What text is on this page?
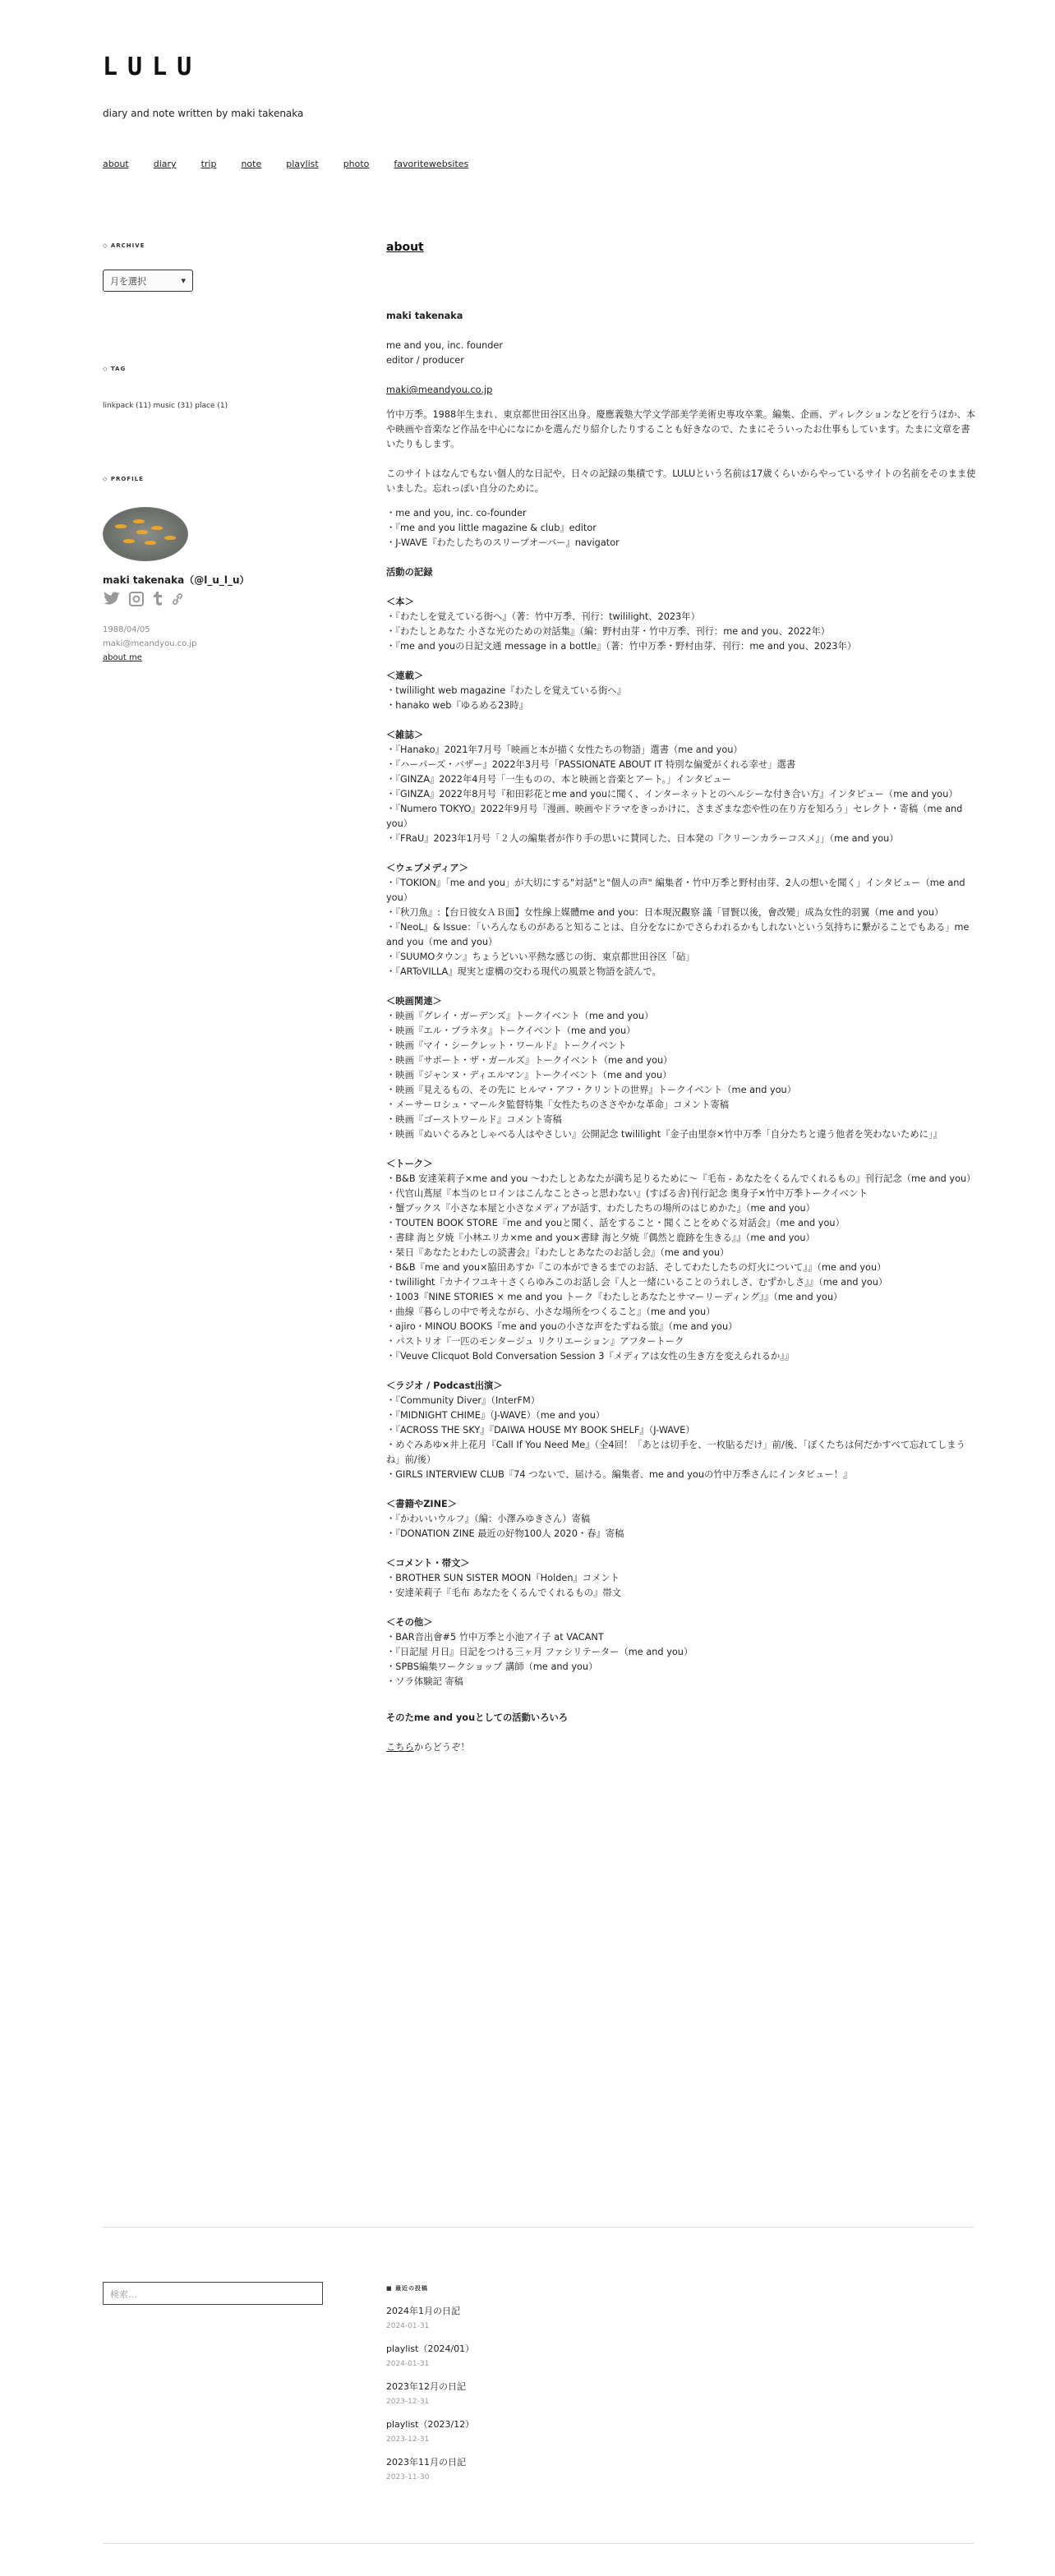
LULU
diary and note written by maki takenaka
about	diary	trip	note	playlist	photo	favoritewebsites
◇ ARCHIVE
月を選択	▾
◇ TAG
linkpack (11) music (31) place (1)
◇ PROFILE
maki takenaka（@l_u_l_u）
1988/04/05
maki@meandyou.co.jp
about me
about
maki takenaka
me and you, inc. founder
editor / producer
maki@meandyou.co.jp

竹中万季。1988年生まれ、東京都世田谷区出身。慶應義塾大学文学部美学美術史専攻卒業。編集、企画、ディレクションなどを行うほか、本や映画や音楽など作品を中心になにかを選んだり紹介したりすることも好きなので、たまにそういったお仕事もしています。たまに文章を書いたりもします。

このサイトはなんでもない個人的な日記や、日々の記録の集積です。LULUという名前は17歳くらいからやっているサイトの名前をそのまま使いました。忘れっぽい自分のために。

・me and you, inc. co-founder
・『me and you little magazine & club』editor
・J-WAVE『わたしたちのスリープオーバー』navigator
活動の記録
＜本＞
・『わたしを覚えている街へ』（著：竹中万季、刊行：twililight、2023年）
・『わたしとあなた 小さな光のための対話集』（編：野村由芽・竹中万季、刊行：me and you、2022年）
・『me and youの日記文通 message in a bottle』（著：竹中万季・野村由芽、刊行：me and you、2023年）
＜連載＞
・twililight web magazine『わたしを覚えている街へ』
・hanako web『ゆるめる23時』
＜雑誌＞
・『Hanako』2021年7月号「映画と本が描く女性たちの物語」選書（me and you）
・『ハーパーズ・バザー』2022年3月号「PASSIONATE ABOUT IT 特別な偏愛がくれる幸せ」選書
・『GINZA』2022年4月号「一生ものの、本と映画と音楽とアート。」インタビュー
・『GINZA』2022年8月号『和田彩花とme and youに聞く、インターネットとのヘルシーな付き合い方』インタビュー（me and you）
・『Numero TOKYO』2022年9月号「漫画、映画やドラマをきっかけに、さまざまな恋や性の在り方を知ろう」セレクト・寄稿（me and you）
・『FRaU』2023年1月号「２人の編集者が作り手の思いに賛同した、日本発の『クリーンカラーコスメ』」（me and you）
＜ウェブメディア＞
・『TOKION』「me and you」が大切にする"対話"と"個人の声" 編集者・竹中万季と野村由芽、2人の想いを聞く」インタビュー（me and you）
・『秋刀魚』:【台日彼女ＡＢ面】女性線上媒體me and you：日本現況觀察 議「冒賢以後，會改變」成為女性的羽翼（me and you）
・『NeoL』& Issue：「いろんなものがあると知ることは、自分をなにかでさらわれるかもしれないという気持ちに繋がることでもある」me and you（me and you）
・『SUUMOタウン』ちょうどいい平熱な感じの街、東京都世田谷区「砧」
・『ARToVILLA』現実と虚構の交わる現代の風景と物語を読んで。
＜映画関連＞
・映画『グレイ・ガーデンズ』トークイベント（me and you）
・映画『エル・プラネタ』トークイベント（me and you）
・映画『マイ・シークレット・ワールド』トークイベント
・映画『サポート・ザ・ガールズ』トークイベント（me and you）
・映画『ジャンヌ・ディエルマン』トークイベント（me and you）
・映画『見えるもの、その先に ヒルマ・アフ・クリントの世界』トークイベント（me and you）
・メーサーロシュ・マールタ監督特集「女性たちのささやかな革命」コメント寄稿
・映画『ゴーストワールド』コメント寄稿
・映画『ぬいぐるみとしゃべる人はやさしい』公開記念 twililight『金子由里奈×竹中万季「自分たちと違う他者を笑わないために」』
＜トーク＞
・B&B 安達茉莉子×me and you ～わたしとあなたが満ち足りるために～『毛布 - あなたをくるんでくれるもの』刊行記念（me and you）
・代官山蔦屋『本当のヒロインはこんなことさっと思わない』(すばる舎)刊行記念 奥身子×竹中万季トークイベント
・蟹ブックス『小さな本屋と小さなメディアが話す、わたしたちの場所のはじめかた』（me and you）
・TOUTEN BOOK STORE『me and youと聞く、話をすること・聞くことをめぐる対話会』（me and you）
・書肆 海と夕焼『小林エリカ×me and you×書肆 海と夕焼『偶然と鹿跡を生きる』』（me and you）
・栞日『あなたとわたしの読書会』『わたしとあなたのお話し会』（me and you）
・B&B『me and you×脇田あすか『この本ができるまでのお話、そしてわたしたちの灯火について』』（me and you）
・twililight『カナイフユキ＋さくらゆみこのお話し会『人と一緒にいることのうれしさ、むずかしさ』』（me and you）
・1003『NINE STORIES × me and you トーク『わたしとあなたとサマーリーディング』』（me and you）
・曲線『暮らしの中で考えながら、小さな場所をつくること』（me and you）
・ajiro・MINOU BOOKS『me and youの小さな声をたずねる旅』（me and you）
・パストリオ『一匹のモンタージュ リクリエーション』アフタートーク
・『Veuve Clicquot Bold Conversation Session 3『メディアは女性の生き方を変えられるか』』
＜ラジオ / Podcast出演＞
・『Community Diver』（InterFM）
・『MIDNIGHT CHIME』（J-WAVE）（me and you）
・『ACROSS THE SKY』『DAIWA HOUSE MY BOOK SHELF』（J-WAVE）
・めぐみあゆ×井上花月『Call If You Need Me』（全4回！「あとは切手を、一枚貼るだけ」前/後、「ぼくたちは何だかすべて忘れてしまうね」前/後）
・GIRLS INTERVIEW CLUB『74 つないで、届ける。編集者、me and youの竹中万季さんにインタビュー！』
＜書籍やZINE＞
・『かわいいウルフ』（編：小澤みゆきさん）寄稿
・『DONATION ZINE 最近の好物100人 2020・春』寄稿
＜コメント・帯文＞
・BROTHER SUN SISTER MOON『Holden』コメント
・安達茉莉子『毛布 あなたをくるんでくれるもの』帯文
＜その他＞
・BAR音出會#5 竹中万季と小池アイ子 at VACANT
・『日記屋 月日』日記をつける三ヶ月 ファシリテーター（me and you）
・SPBS編集ワークショップ 講師（me and you）
・ソラ体験記 寄稿
そのたme and youとしての活動いろいろ
こちらからどうぞ！
検索…
■ 最近の投稿
2024年1月の日記
2024-01-31
playlist（2024/01）
2024-01-31
2023年12月の日記
2023-12-31
playlist（2023/12）
2023-12-31
2023年11月の日記
2023-11-30
